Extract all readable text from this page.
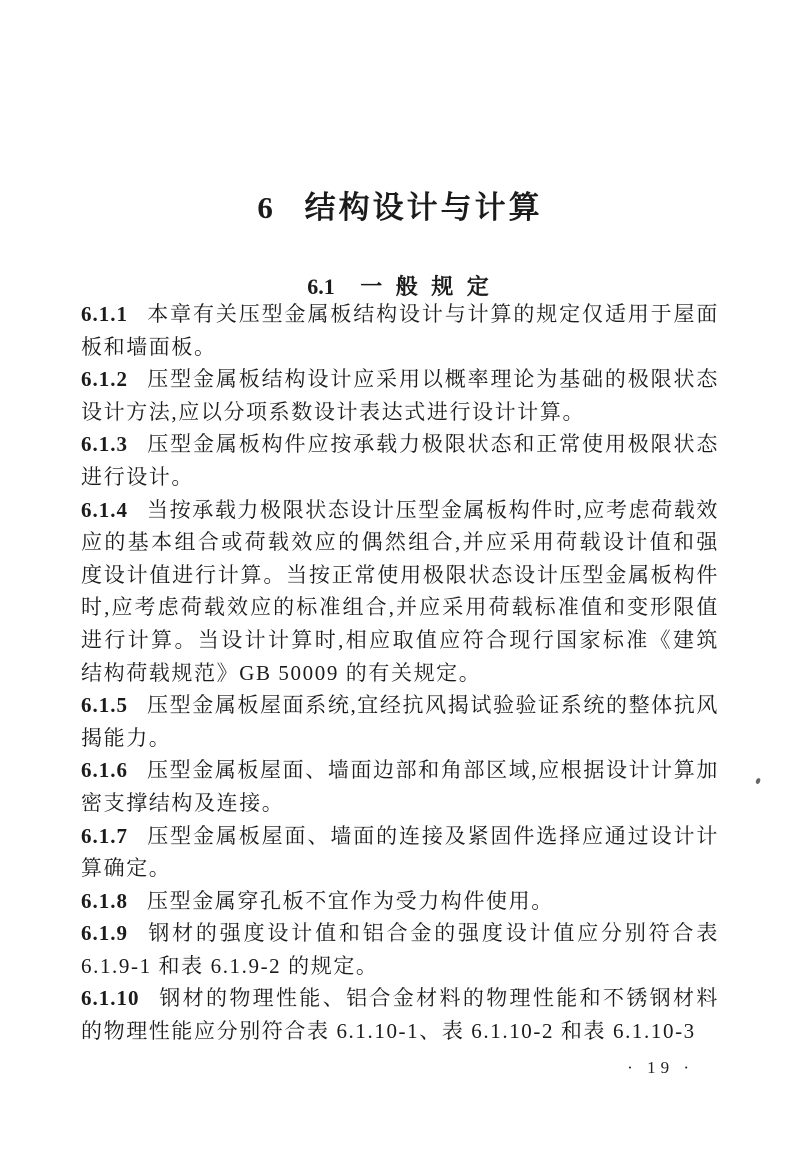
6 结构设计与计算
6.1 一 般 规 定

6.1.1 本章有关压型金属板结构设计与计算的规定仅适用于屋面板和墙面板。

6.1.2 压型金属板结构设计应采用以概率理论为基础的极限状态设计方法,应以分项系数设计表达式进行设计计算。

6.1.3 压型金属板构件应按承载力极限状态和正常使用极限状态进行设计。

6.1.4 当按承载力极限状态设计压型金属板构件时,应考虑荷载效应的基本组合或荷载效应的偶然组合,并应采用荷载设计值和强度设计值进行计算。当按正常使用极限状态设计压型金属板构件时,应考虑荷载效应的标准组合,并应采用荷载标准值和变形限值进行计算。当设计计算时,相应取值应符合现行国家标准《建筑结构荷载规范》GB 50009 的有关规定。

6.1.5 压型金属板屋面系统,宜经抗风揭试验验证系统的整体抗风揭能力。

6.1.6 压型金属板屋面、墙面边部和角部区域,应根据设计计算加密支撑结构及连接。

6.1.7 压型金属板屋面、墙面的连接及紧固件选择应通过设计计算确定。

6.1.8 压型金属穿孔板不宜作为受力构件使用。

6.1.9 钢材的强度设计值和铝合金的强度设计值应分别符合表 6.1.9-1 和表 6.1.9-2 的规定。

6.1.10 钢材的物理性能、铝合金材料的物理性能和不锈钢材料的物理性能应分别符合表 6.1.10-1、表 6.1.10-2 和表 6.1.10-3

· 19 ·
